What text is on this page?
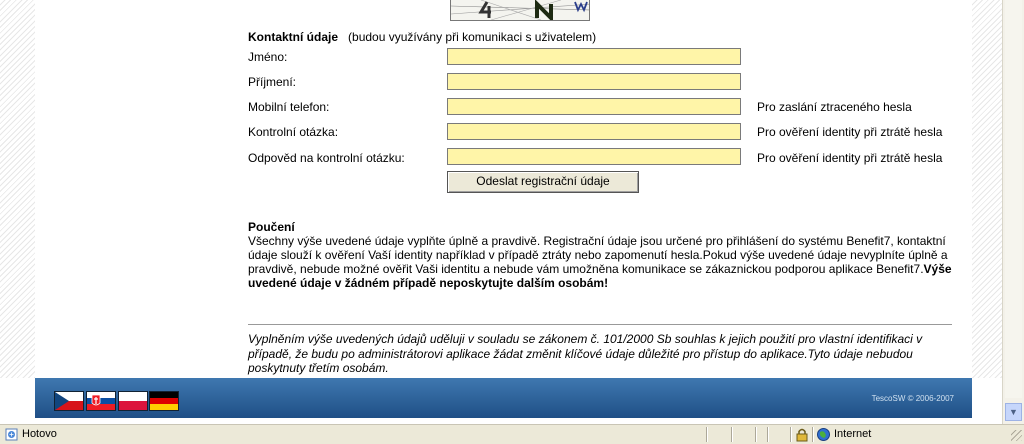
Kontaktní údaje (budou využívány při komunikaci s uživatelem)
Jméno:
Příjmení:
Mobilní telefon:	Pro zaslání ztraceného hesla
Kontrolní otázka:	Pro ověření identity při ztrátě hesla
Odpověd na kontrolní otázku:	Pro ověření identity při ztrátě hesla
Odeslat registrační údaje
Poučení
Všechny výše uvedené údaje vyplňte úplně a pravdivě. Registrační údaje jsou určené pro přihlášení do systému Benefit7, kontaktní údaje slouží k ověření Vaší identity například v případě ztráty nebo zapomenutí hesla.Pokud výše uvedené údaje nevyplníte úplně a pravdivě, nebude možné ověřit Vaši identitu a nebude vám umožněna komunikace se zákaznickou podporou aplikace Benefit7.Výše uvedené údaje v žádném případě neposkytujte dalším osobám!
Vyplněním výše uvedených údajů uděluji v souladu se zákonem č. 101/2000 Sb souhlas k jejich použití pro vlastní identifikaci v případě, že budu po administrátorovi aplikace žádat změnit klíčové údaje důležité pro přístup do aplikace.Tyto údaje nebudou poskytnuty třetím osobám.
TescoSW © 2006-2007
▼
Hotovo	Internet
